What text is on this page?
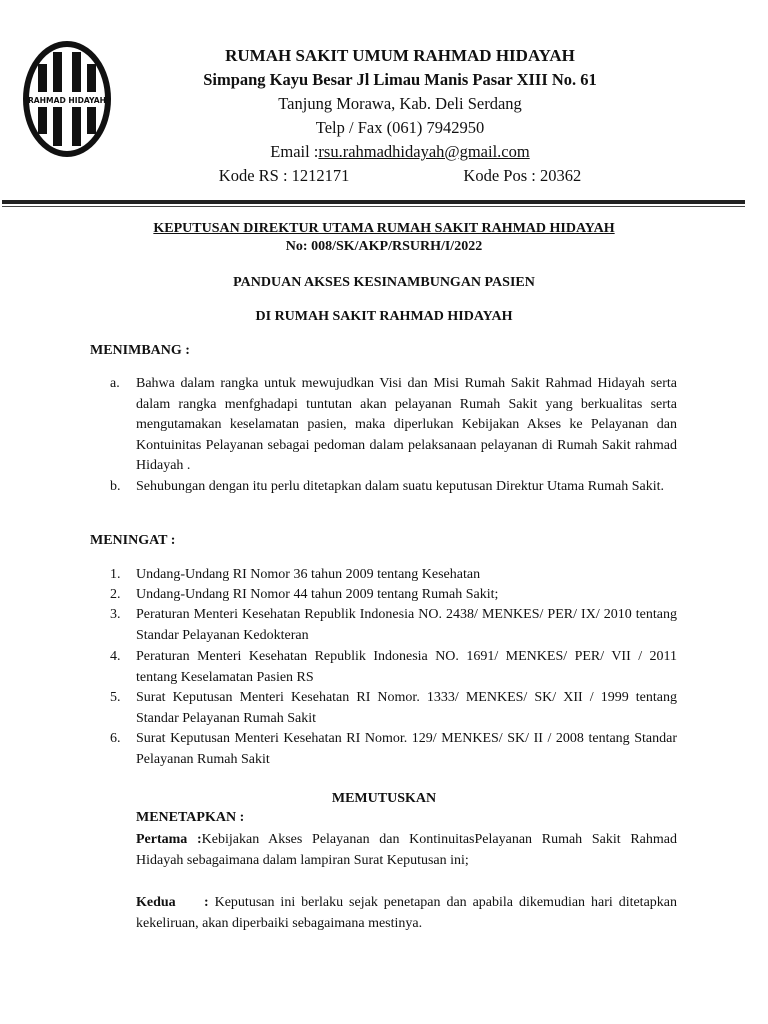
RAHMAD HIDAYAH
RUMAH SAKIT UMUM RAHMAD HIDAYAH
Simpang Kayu Besar Jl Limau Manis Pasar XIII No. 61
Tanjung Morawa, Kab. Deli Serdang
Telp / Fax (061) 7942950
Email :rsu.rahmadhidayah@gmail.com
Kode RS : 1212171	Kode Pos : 20362
KEPUTUSAN DIREKTUR UTAMA RUMAH SAKIT RAHMAD HIDAYAH
No: 008/SK/AKP/RSURH/I/2022
PANDUAN AKSES KESINAMBUNGAN PASIEN
DI RUMAH SAKIT RAHMAD HIDAYAH
MENIMBANG :
a. Bahwa dalam rangka untuk mewujudkan Visi dan Misi Rumah Sakit Rahmad Hidayah serta dalam rangka menfghadapi tuntutan akan pelayanan Rumah Sakit yang berkualitas serta mengutamakan keselamatan pasien, maka diperlukan Kebijakan Akses ke Pelayanan dan Kontuinitas Pelayanan sebagai pedoman dalam pelaksanaan pelayanan di Rumah Sakit rahmad Hidayah .
b. Sehubungan dengan itu perlu ditetapkan dalam suatu keputusan Direktur Utama Rumah Sakit.
MENINGAT :
1. Undang-Undang RI Nomor 36 tahun 2009 tentang Kesehatan
2. Undang-Undang RI Nomor 44 tahun 2009 tentang Rumah Sakit;
3. Peraturan Menteri Kesehatan Republik Indonesia NO. 2438/ MENKES/ PER/ IX/ 2010 tentang Standar Pelayanan Kedokteran
4. Peraturan Menteri Kesehatan Republik Indonesia NO. 1691/ MENKES/ PER/ VII / 2011 tentang Keselamatan Pasien RS
5. Surat Keputusan Menteri Kesehatan RI Nomor. 1333/ MENKES/ SK/ XII / 1999 tentang Standar Pelayanan Rumah Sakit
6. Surat Keputusan Menteri Kesehatan RI Nomor. 129/ MENKES/ SK/ II / 2008 tentang Standar Pelayanan Rumah Sakit
MEMUTUSKAN
MENETAPKAN :
Pertama :Kebijakan Akses Pelayanan dan KontinuitasPelayanan Rumah Sakit Rahmad Hidayah sebagaimana dalam lampiran Surat Keputusan ini;
Kedua : Keputusan ini berlaku sejak penetapan dan apabila dikemudian hari ditetapkan kekeliruan, akan diperbaiki sebagaimana mestinya.
